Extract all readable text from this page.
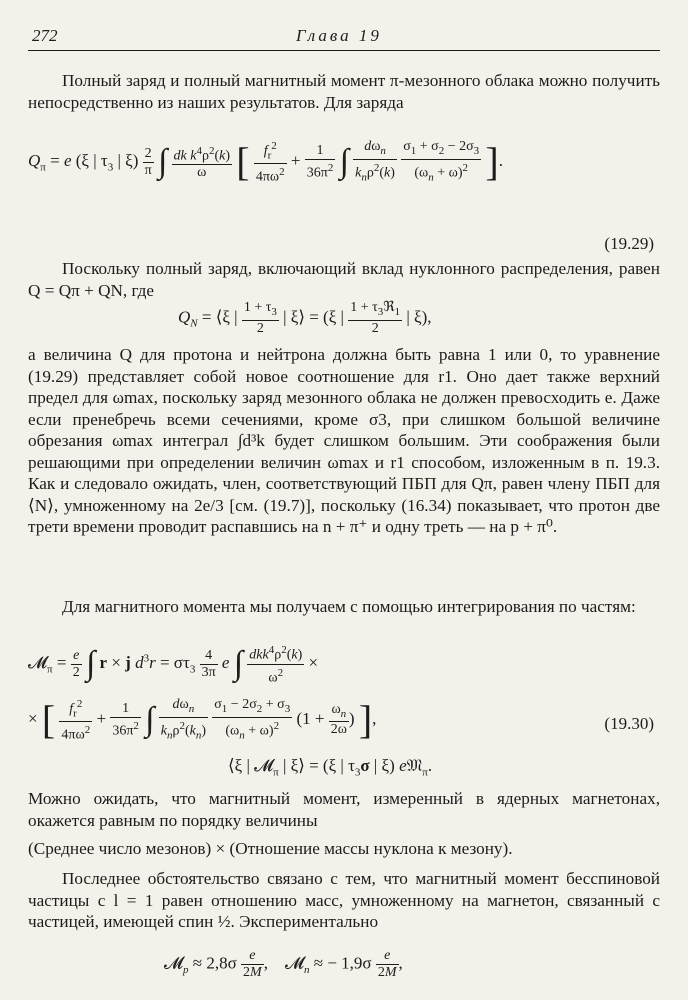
272	Глава 19

Полный заряд и полный магнитный момент π-мезонного облака можно получить непосредственно из наших результатов. Для заряда

$Q_\pi = e$ (ξ | $\tau_3$ | $\xi) \frac{2}{\pi}$ ∫ $\frac{dk k^4\rho^2(k)}{\omega}$ [ $\frac{f_r^2}{4\pi\omega^2} + \frac{1}{36\pi^2}$ ∫ $\frac{d\omega_n}{k_n\rho^2(k)}$
$\frac{\sigma_1 + \sigma_2 - 2\sigma_3}{(\omega_n + \omega)^2}$ ].
(19.29)

Поскольку полный заряд, включающий вклад нуклонного распределения, равен Q = Qπ + QN, где

$Q_N$ = ⟨ξ | $\frac{1 + \tau_3}{2}$ | ξ⟩ = (ξ | $\frac{1 + \tau_3ℜ_1}{2}$ | ξ),

а величина Q для протона и нейтрона должна быть равна 1 или 0, то уравнение (19.29) представляет собой новое соотношение для r1. Оно дает также верхний предел для ωmax, поскольку заряд мезонного облака не должен превосходить e. Даже если пренебречь всеми сечениями, кроме σ3, при слишком большой величине обрезания ωmax интеграл ∫d³k будет слишком большим. Эти соображения были решающими при определении величин ωmax и r1 способом, изложенным в п. 19.3. Как и следовало ожидать, член, соответствующий ПБП для Qπ, равен члену ПБП для ⟨N⟩, умноженному на 2e/3 [см. (19.7)], поскольку (16.34) показывает, что протон две трети времени проводит распавшись на n + π⁺ и одну треть — на p + π⁰.

Для магнитного момента мы получаем с помощью интегрирования по частям:

𝓜$_\pi$ = $\frac{e}{2}$ ∫ r × j $d^3r = \sigma\tau_3 \frac{4}{3\pi}$ e ∫ $\frac{dkk^4\rho^2(k)}{\omega^2}$ ×
× [ $\frac{f_r^2}{4\pi\omega^2} + \frac{1}{36\pi^2}$ ∫ $\frac{d\omega_n}{k_n\rho^2(k_n)}$
$\frac{\sigma_1 - 2\sigma_2 + \sigma_3}{(\omega_n + \omega)^2} (1 + \frac{\omega_n}{2\omega}$ ) ],	(19.30)
⟨ξ | 𝓜$_\pi$ | ξ⟩ = (ξ | $\tau_3\sigma$ | ξ) e𝔐$_\pi$.

Можно ожидать, что магнитный момент, измеренный в ядерных магнетонах, окажется равным по порядку величины

(Среднее число мезонов) × (Отношение массы нуклона к мезону).

Последнее обстоятельство связано с тем, что магнитный момент бесспиновой частицы с l = 1 равен отношению масс, умноженному на магнетон, связанный с частицей, имеющей спин ½. Экспериментально

𝓜$_p$ ≈ $2,8\sigma \frac{e}{2M}$ ,    𝓜$_n$ ≈ − $1,9\sigma \frac{e}{2M}$ ,
